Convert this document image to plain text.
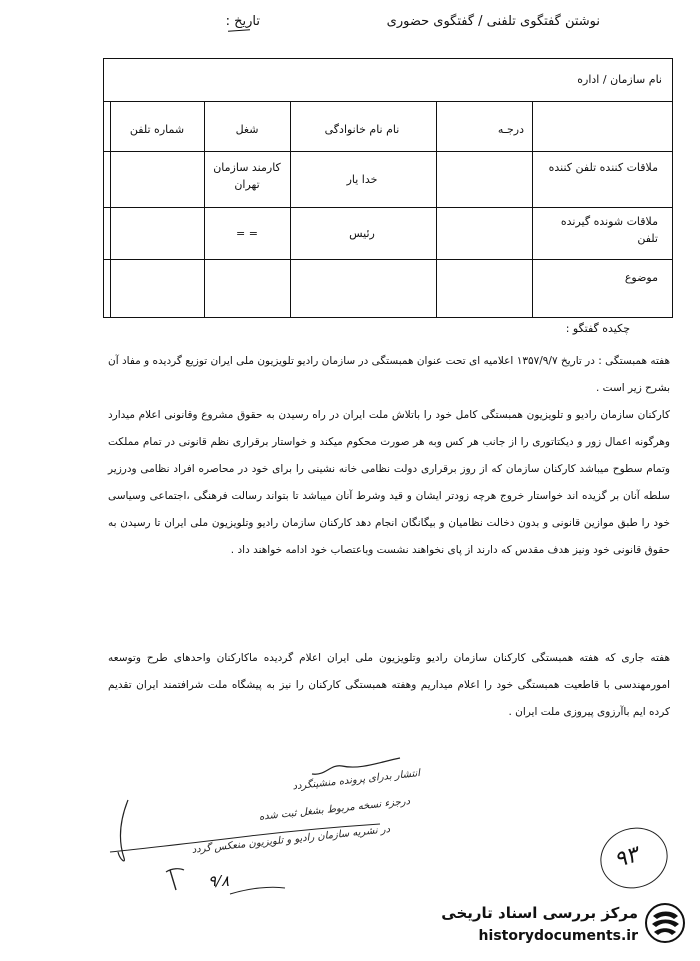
نوشتن گفتگوی تلفنی / گفتگوی حضوری
تاریخ :
نام سازمان / اداره
درجـه
نام نام خانوادگی
شغل
شماره تلفن
ملاقات کننده تلفن کننده
خدا یار
کارمند سازمان تهران
ملاقات شونده گیرنده تلفن
رئیس
= =
موضوع
چکیده گفتگو :
هفته همبستگی : در تاریخ ۱۳۵۷/۹/۷ اعلامیه ای تحت عنوان همبستگی در سازمان رادیو تلویزیون ملی ایران توزیع گردیده و مفاد آن بشرح زیر است .
کارکنان سازمان رادیو و تلویزیون همبستگی کامل خود را باتلاش ملت ایران در راه رسیدن به حقوق مشروع وقانونی اعلام میدارد وهرگونه اعمال زور و دیکتاتوری را از جانب هر کس وبه هر صورت محکوم میکند و خواستار برقراری نظم قانونی در تمام مملکت وتمام سطوح میباشد کارکنان سازمان که از روز برقراری دولت نظامی خانه نشینی را برای خود در محاصره افراد نظامی ودرزیر سلطه آنان بر گزیده اند خواستار خروج هرچه زودتر ایشان و قید وشرط آنان میباشد تا بتواند رسالت فرهنگی ،اجتماعی وسیاسی خود را طبق موازین قانونی و بدون دخالت نظامیان و بیگانگان انجام دهد کارکنان سازمان رادیو وتلویزیون ملی ایران تا رسیدن به حقوق قانونی خود ونیز هدف مقدس که دارند از پای نخواهند نشست وباعتصاب خود ادامه خواهند داد .
هفته جاری که هفته همبستگی کارکنان سازمان رادیو وتلویزیون ملی ایران اعلام گردیده ماکارکنان واحدهای طرح وتوسعه امورمهندسی با قاطعیت همبستگی خود را اعلام میداریم وهفته همبستگی کارکنان را نیز به پیشگاه ملت شرافتمند ایران تقدیم کرده ایم باآرزوی پیروزی ملت ایران .
انتشار بدرای پرونده منشینگردد
درجزء نسخه مربوط بشغل ثبت شده
در نشریه سازمان رادیو و تلویزیون منعکس گردد
۹/۸
۹۳
مرکز بررسی اسناد تاریخی
historydocuments.ir
